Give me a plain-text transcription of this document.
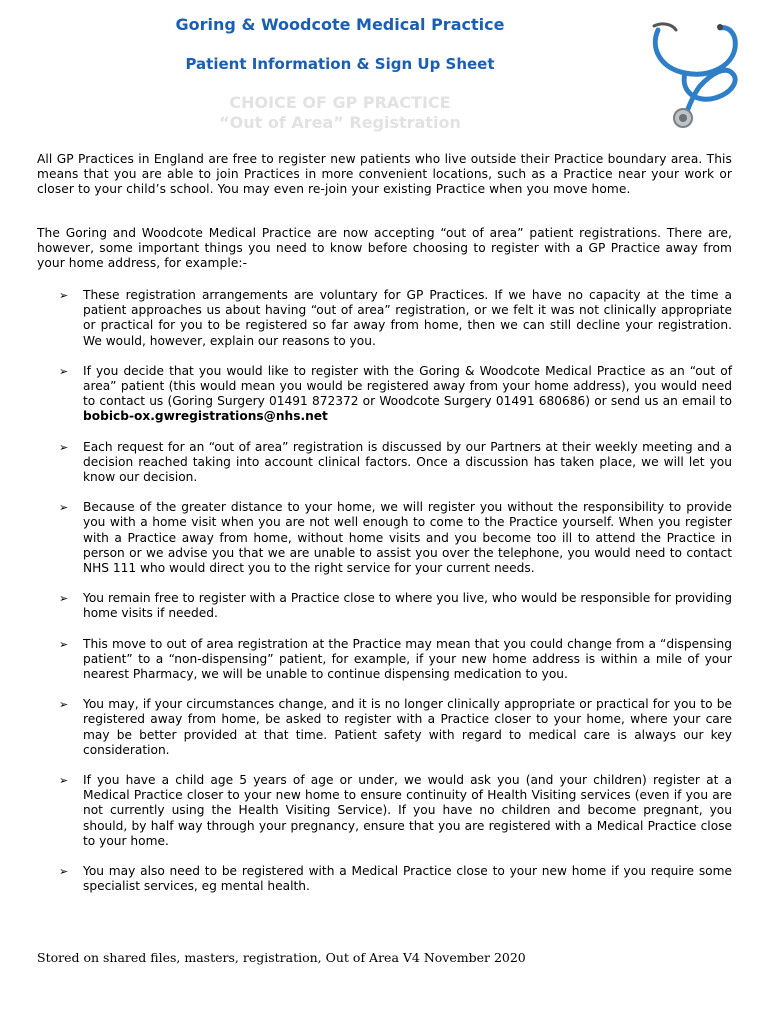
Goring & Woodcote Medical Practice
Patient Information & Sign Up Sheet
CHOICE OF GP PRACTICE
“Out of Area” Registration
All GP Practices in England are free to register new patients who live outside their Practice boundary area. This means that you are able to join Practices in more convenient locations, such as a Practice near your work or closer to your child’s school. You may even re-join your existing Practice when you move home.
The Goring and Woodcote Medical Practice are now accepting “out of area” patient registrations. There are, however, some important things you need to know before choosing to register with a GP Practice away from your home address, for example:-
➢ These registration arrangements are voluntary for GP Practices. If we have no capacity at the time a patient approaches us about having “out of area” registration, or we felt it was not clinically appropriate or practical for you to be registered so far away from home, then we can still decline your registration. We would, however, explain our reasons to you.
➢ If you decide that you would like to register with the Goring & Woodcote Medical Practice as an “out of area” patient (this would mean you would be registered away from your home address), you would need to contact us (Goring Surgery 01491 872372 or Woodcote Surgery 01491 680686) or send us an email to bobicb-ox.gwregistrations@nhs.net
➢ Each request for an “out of area” registration is discussed by our Partners at their weekly meeting and a decision reached taking into account clinical factors. Once a discussion has taken place, we will let you know our decision.
➢ Because of the greater distance to your home, we will register you without the responsibility to provide you with a home visit when you are not well enough to come to the Practice yourself. When you register with a Practice away from home, without home visits and you become too ill to attend the Practice in person or we advise you that we are unable to assist you over the telephone, you would need to contact NHS 111 who would direct you to the right service for your current needs.
➢ You remain free to register with a Practice close to where you live, who would be responsible for providing home visits if needed.
➢ This move to out of area registration at the Practice may mean that you could change from a “dispensing patient” to a “non-dispensing” patient, for example, if your new home address is within a mile of your nearest Pharmacy, we will be unable to continue dispensing medication to you.
➢ You may, if your circumstances change, and it is no longer clinically appropriate or practical for you to be registered away from home, be asked to register with a Practice closer to your home, where your care may be better provided at that time. Patient safety with regard to medical care is always our key consideration.
➢ If you have a child age 5 years of age or under, we would ask you (and your children) register at a Medical Practice closer to your new home to ensure continuity of Health Visiting services (even if you are not currently using the Health Visiting Service). If you have no children and become pregnant, you should, by half way through your pregnancy, ensure that you are registered with a Medical Practice close to your home.
➢ You may also need to be registered with a Medical Practice close to your new home if you require some specialist services, eg mental health.
Stored on shared files, masters, registration, Out of Area V4 November 2020
